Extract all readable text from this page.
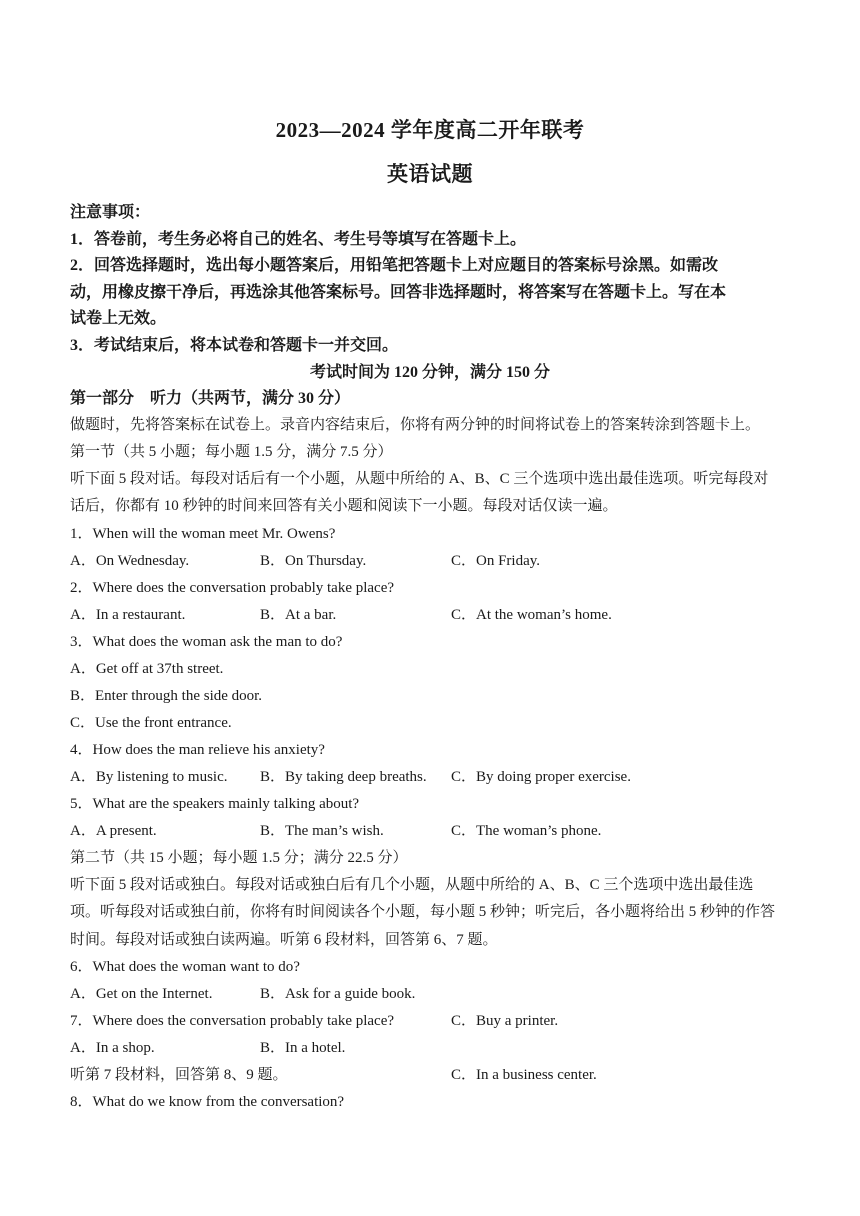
2023—2024 学年度高二开年联考
英语试题
注意事项：
1．答卷前，考生务必将自己的姓名、考生号等填写在答题卡上。
2．回答选择题时，选出每小题答案后，用铅笔把答题卡上对应题目的答案标号涂黑。如需改
动，用橡皮擦干净后，再选涂其他答案标号。回答非选择题时，将答案写在答题卡上。写在本
试卷上无效。
3．考试结束后，将本试卷和答题卡一并交回。
考试时间为 120 分钟，满分 150 分
第一部分　听力（共两节，满分 30 分）
做题时，先将答案标在试卷上。录音内容结束后，你将有两分钟的时间将试卷上的答案转涂到答题卡上。
第一节（共 5 小题；每小题 1.5 分，满分 7.5 分）
听下面 5 段对话。每段对话后有一个小题，从题中所给的 A、B、C 三个选项中选出最佳选项。听完每段对
话后，你都有 10 秒钟的时间来回答有关小题和阅读下一小题。每段对话仅读一遍。
1．When will the woman meet Mr. Owens?
A．On Wednesday.	B．On Thursday.	C．On Friday.
2．Where does the conversation probably take place?
A．In a restaurant.	B．At a bar.	C．At the woman’s home.
3．What does the woman ask the man to do?
A．Get off at 37th street.
B．Enter through the side door.
C．Use the front entrance.
4．How does the man relieve his anxiety?
A．By listening to music. B．By taking deep breaths. C．By doing proper exercise.
5．What are the speakers mainly talking about?
A．A present.	B．The man’s wish.	C．The woman’s phone.
第二节（共 15 小题；每小题 1.5 分；满分 22.5 分）
听下面 5 段对话或独白。每段对话或独白后有几个小题，从题中所给的 A、B、C 三个选项中选出最佳选
项。听每段对话或独白前，你将有时间阅读各个小题，每小题 5 秒钟；听完后，各小题将给出 5 秒钟的作答
时间。每段对话或独白读两遍。听第 6 段材料，回答第 6、7 题。
6．What does the woman want to do?
A．Get on the Internet.	B．Ask for a guide book.
7．Where does the conversation probably take place?	C．Buy a printer.
A．In a shop.	B．In a hotel.
听第 7 段材料，回答第 8、9 题。	C．In a business center.
8．What do we know from the conversation?
